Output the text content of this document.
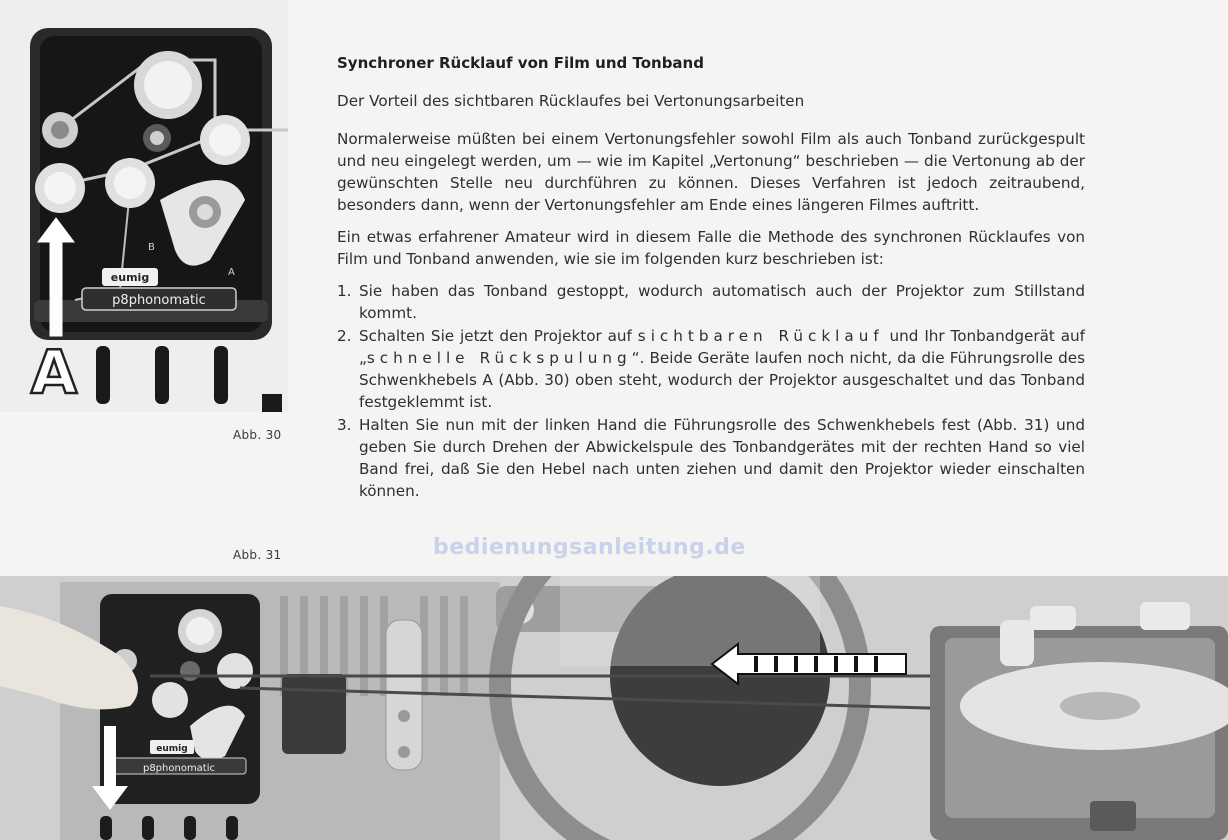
eumig
p8phonomatic
B
A
A
Abb. 30
Abb. 31

Synchroner Rücklauf von Film und Tonband

Der Vorteil des sichtbaren Rücklaufes bei Vertonungsarbeiten

Normalerweise müßten bei einem Vertonungsfehler sowohl Film als auch Tonband zurückgespult und neu eingelegt werden, um — wie im Kapitel „Vertonung“ beschrieben — die Vertonung ab der gewünschten Stelle neu durchführen zu können. Dieses Verfahren ist jedoch zeitraubend, besonders dann, wenn der Vertonungsfehler am Ende eines längeren Filmes auftritt.

Ein etwas erfahrener Amateur wird in diesem Falle die Methode des synchronen Rücklaufes von Film und Tonband anwenden, wie sie im folgenden kurz beschrieben ist:

1. Sie haben das Tonband gestoppt, wodurch automatisch auch der Projektor zum Stillstand kommt.
2. Schalten Sie jetzt den Projektor auf sichtbaren Rücklauf und Ihr Tonbandgerät auf „schnelle Rückspulung“. Beide Geräte laufen noch nicht, da die Führungsrolle des Schwenkhebels A (Abb. 30) oben steht, wodurch der Projektor ausgeschaltet und das Tonband festgeklemmt ist.
3. Halten Sie nun mit der linken Hand die Führungsrolle des Schwenkhebels fest (Abb. 31) und geben Sie durch Drehen der Abwickelspule des Tonbandgerätes mit der rechten Hand so viel Band frei, daß Sie den Hebel nach unten ziehen und damit den Projektor wieder einschalten können.
bedienungsanleitung.de
p8phonomatic
eumig
